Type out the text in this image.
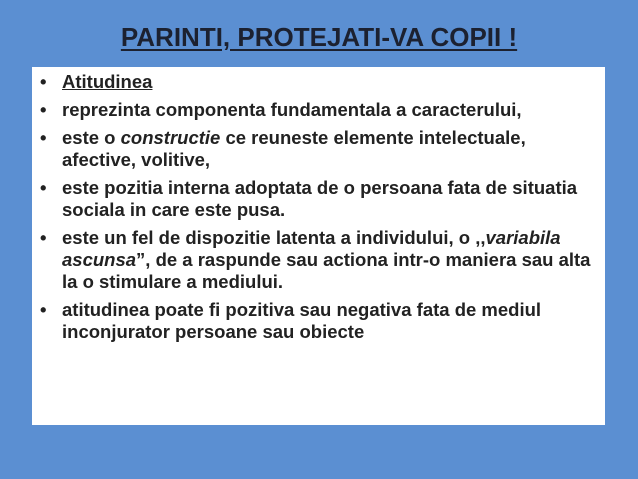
PARINTI, PROTEJATI-VA COPII !
• Atitudinea
• reprezinta componenta fundamentala a caracterului,
• este o constructie ce reuneste elemente intelectuale, afective, volitive,
• este pozitia interna adoptata de o persoana fata de situatia sociala in care este pusa.
• este un fel de dispozitie latenta a individului, o ,,variabila ascunsa”, de a raspunde sau actiona intr-o maniera sau alta la o stimulare a mediului.
• atitudinea poate fi pozitiva sau negativa fata de mediul inconjurator persoane sau obiecte
